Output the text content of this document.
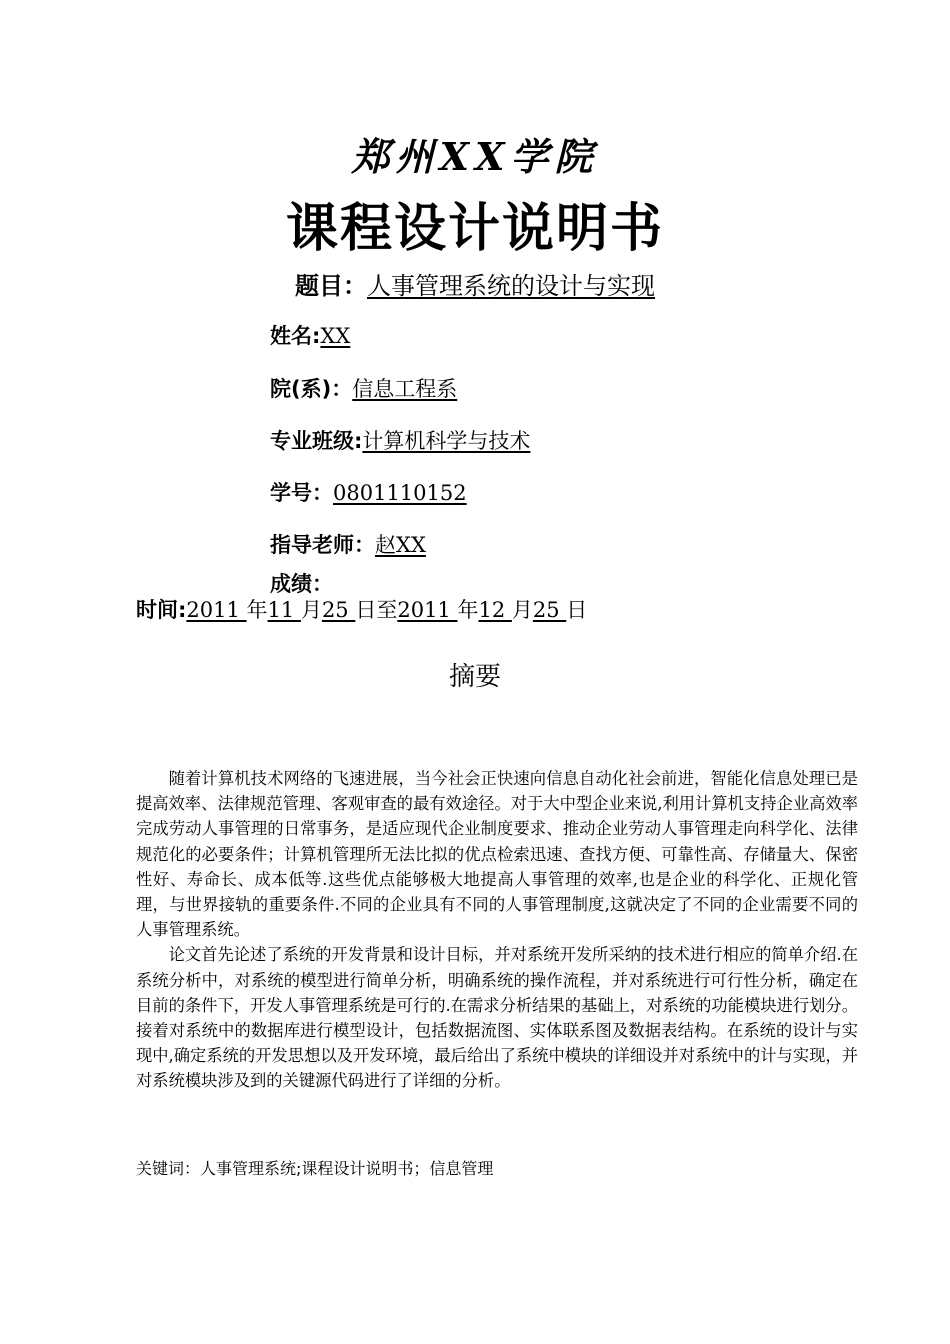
郑州XX学院
课程设计说明书
题目：人事管理系统的设计与实现
姓名:XX
院(系)：信息工程系
专业班级:计算机科学与技术
学号：0801110152
指导老师：赵XX
成绩：
时间:2011 年11 月25 日至2011 年12 月25 日
摘要

随着计算机技术网络的飞速进展，当今社会正快速向信息自动化社会前进，智能化信息处理已是提高效率、法律规范管理、客观审查的最有效途径。对于大中型企业来说,利用计算机支持企业高效率完成劳动人事管理的日常事务，是适应现代企业制度要求、推动企业劳动人事管理走向科学化、法律规范化的必要条件；计算机管理所无法比拟的优点检索迅速、查找方便、可靠性高、存储量大、保密性好、寿命长、成本低等.这些优点能够极大地提高人事管理的效率,也是企业的科学化、正规化管理，与世界接轨的重要条件.不同的企业具有不同的人事管理制度,这就决定了不同的企业需要不同的人事管理系统。

论文首先论述了系统的开发背景和设计目标，并对系统开发所采纳的技术进行相应的简单介绍.在系统分析中，对系统的模型进行简单分析，明确系统的操作流程，并对系统进行可行性分析，确定在目前的条件下，开发人事管理系统是可行的.在需求分析结果的基础上，对系统的功能模块进行划分。接着对系统中的数据库进行模型设计，包括数据流图、实体联系图及数据表结构。在系统的设计与实现中,确定系统的开发思想以及开发环境，最后给出了系统中模块的详细设并对系统中的计与实现，并对系统模块涉及到的关键源代码进行了详细的分析。

关键词：人事管理系统;课程设计说明书；信息管理
